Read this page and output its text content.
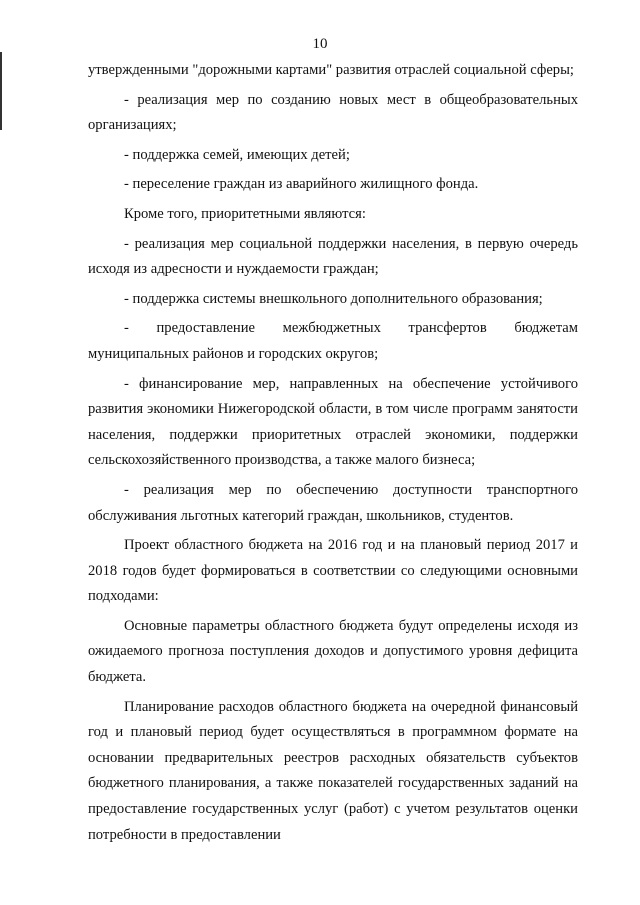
10

утвержденными "дорожными картами" развития отраслей социальной сферы;

- реализация мер по созданию новых мест в общеобразовательных организациях;

- поддержка семей, имеющих детей;

- переселение граждан из аварийного жилищного фонда.

Кроме того, приоритетными являются:

- реализация мер социальной поддержки населения, в первую очередь исходя из адресности и нуждаемости граждан;

- поддержка системы внешкольного дополнительного образования;

- предоставление межбюджетных трансфертов бюджетам муниципальных районов и городских округов;

- финансирование мер, направленных на обеспечение устойчивого развития экономики Нижегородской области, в том числе программ занятости населения, поддержки приоритетных отраслей экономики, поддержки сельскохозяйственного производства, а также малого бизнеса;

- реализация мер по обеспечению доступности транспортного обслуживания льготных категорий граждан, школьников, студентов.

Проект областного бюджета на 2016 год и на плановый период 2017 и 2018 годов будет формироваться в соответствии со следующими основными подходами:

Основные параметры областного бюджета будут определены исходя из ожидаемого прогноза поступления доходов и допустимого уровня дефицита бюджета.

Планирование расходов областного бюджета на очередной финансовый год и плановый период будет осуществляться в программном формате на основании предварительных реестров расходных обязательств субъектов бюджетного планирования, а также показателей государственных заданий на предоставление государственных услуг (работ) с учетом результатов оценки потребности в предоставлении
